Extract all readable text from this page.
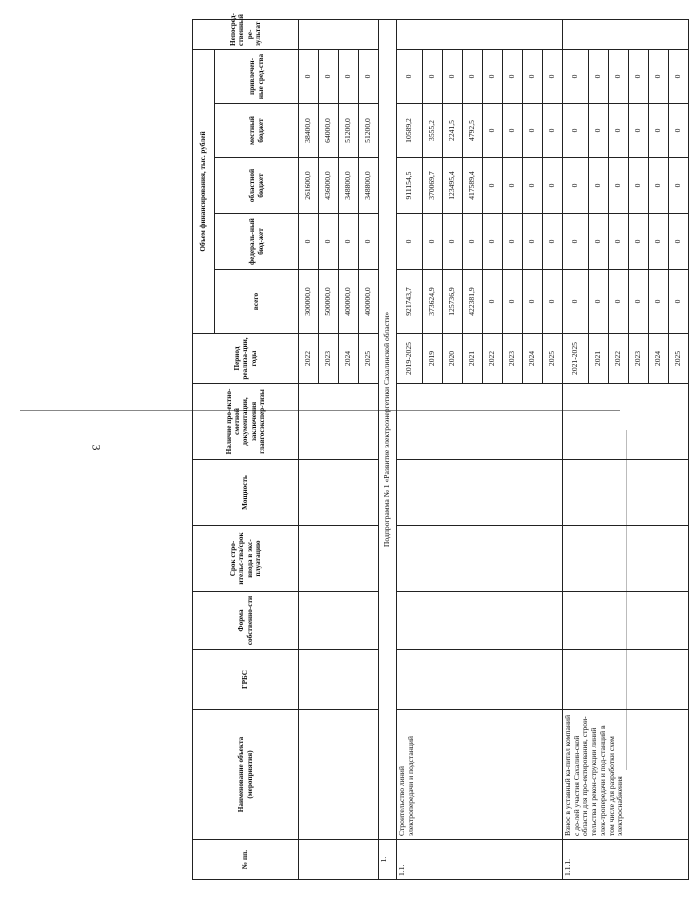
3
№ пп.	Наименование объекта (мероприятия)	ГРБС	Форма собственно-сти	Срок стро-ительс-тва/срок ввода в экс-плуатацию	Мощность	Наличие про-ектно-сметной документации, заключения главгосэкспер-тизы	Период реализа-ции, годы	Объем финансирования, тыс. рублей					Непосред-ственный ре-зультат
								всего	федераль-ный бюд-жет	областной бюджет	местный бюджет	привлечен-ные сред-ства	
							2022	300000,0	0	261600,0	38400,0	0	
							2023	500000,0	0	436000,0	64000,0	0	
							2024	400000,0	0	348800,0	51200,0	0	
							2025	400000,0	0	348800,0	51200,0	0	
1.	Подпрограмма № 1 «Развитие электроэнергетики Сахалинской области»												
1.1.	Строительство линий электропередачи и подстанций						2019-2025	921743,7	0	911154,5	10589,2	0	
							2019	373624,9	0	370069,7	3555,2	0	
							2020	125736,9	0	123495,4	2241,5	0	
							2021	422381,9	0	417589,4	4792,5	0	
							2022	0	0	0	0	0	
							2023	0	0	0	0	0	
							2024	0	0	0	0	0	
							2025	0	0	0	0	0	
1.1.1.	Взнос в уставный ка-питал компаний с до-лей участия Сахалин-ской области для про-ектирования, строи-тельства и рекон-струкции линий элек-тропередачи и под-станций в том числе для разработки схем электроснабжения						2021-2025	0	0	0	0	0	
							2021	0	0	0	0	0	
							2022	0	0	0	0	0	
							2023	0	0	0	0	0	
							2024	0	0	0	0	0	
							2025	0	0	0	0	0	
